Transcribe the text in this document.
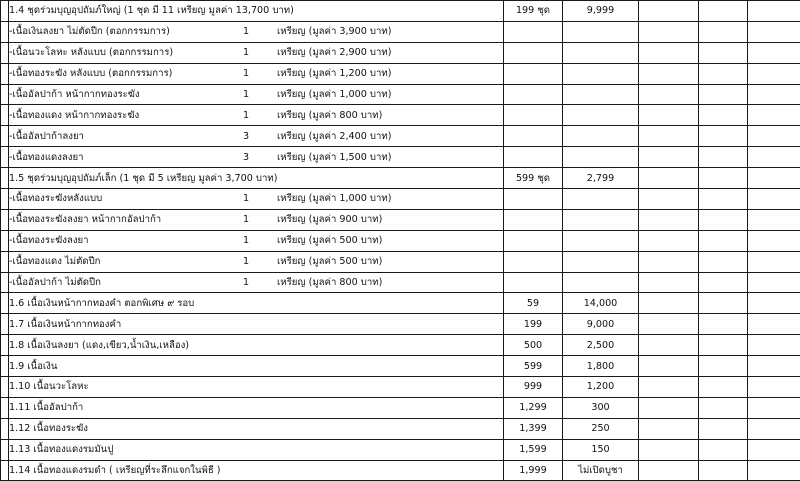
	1.4 ชุดร่วมบุญอุปถัมภ์ใหญ่ (1 ชุด มี 11 เหรียญ มูลค่า 13,700 บาท)	199 ชุด	9,999			

	-เนื้อเงินลงยา ไม่ตัดปีก (ตอกกรรมการ) 1 เหรียญ (มูลค่า 3,900 บาท)					

	-เนื้อนวะโลหะ หลังแบบ (ตอกกรรมการ) 1 เหรียญ (มูลค่า 2,900 บาท)					

	-เนื้อทองระฆัง หลังแบบ (ตอกกรรมการ) 1 เหรียญ (มูลค่า 1,200 บาท)					

	-เนื้ออัลปาก้า หน้ากากทองระฆัง 1 เหรียญ (มูลค่า 1,000 บาท)					

	-เนื้อทองแดง หน้ากากทองระฆัง 1 เหรียญ (มูลค่า 800 บาท)					

	-เนื้ออัลปาก้าลงยา 3 เหรียญ (มูลค่า 2,400 บาท)					

	-เนื้อทองแดงลงยา 3 เหรียญ (มูลค่า 1,500 บาท)					

	1.5 ชุดร่วมบุญอุปถัมภ์เล็ก (1 ชุด มี 5 เหรียญ มูลค่า 3,700 บาท)	599 ชุด	2,799			

	-เนื้อทองระฆังหลังแบบ 1 เหรียญ (มูลค่า 1,000 บาท)					

	-เนื้อทองระฆังลงยา หน้ากากอัลปาก้า 1 เหรียญ (มูลค่า 900 บาท)					

	-เนื้อทองระฆังลงยา 1 เหรียญ (มูลค่า 500 บาท)					

	-เนื้อทองแดง ไม่ตัดปีก 1 เหรียญ (มูลค่า 500 บาท)					

	-เนื้ออัลปาก้า ไม่ตัดปีก 1 เหรียญ (มูลค่า 800 บาท)					

	1.6 เนื้อเงินหน้ากากทองคำ ตอกพิเศษ ๙ รอบ	59	14,000			
	1.7 เนื้อเงินหน้ากากทองคำ	199	9,000			
	1.8 เนื้อเงินลงยา (แดง,เขียว,น้ำเงิน,เหลือง)	500	2,500			
	1.9 เนื้อเงิน	599	1,800			
	1.10 เนื้อนวะโลหะ	999	1,200			
	1.11 เนื้ออัลปาก้า	1,299	300			
	1.12 เนื้อทองระฆัง	1,399	250			
	1.13 เนื้อทองแดงรมมันปู	1,599	150			
	1.14 เนื้อทองแดงรมดำ ( เหรียญที่ระลึกแจกในพิธี )	1,999	ไม่เปิดบูชา			
